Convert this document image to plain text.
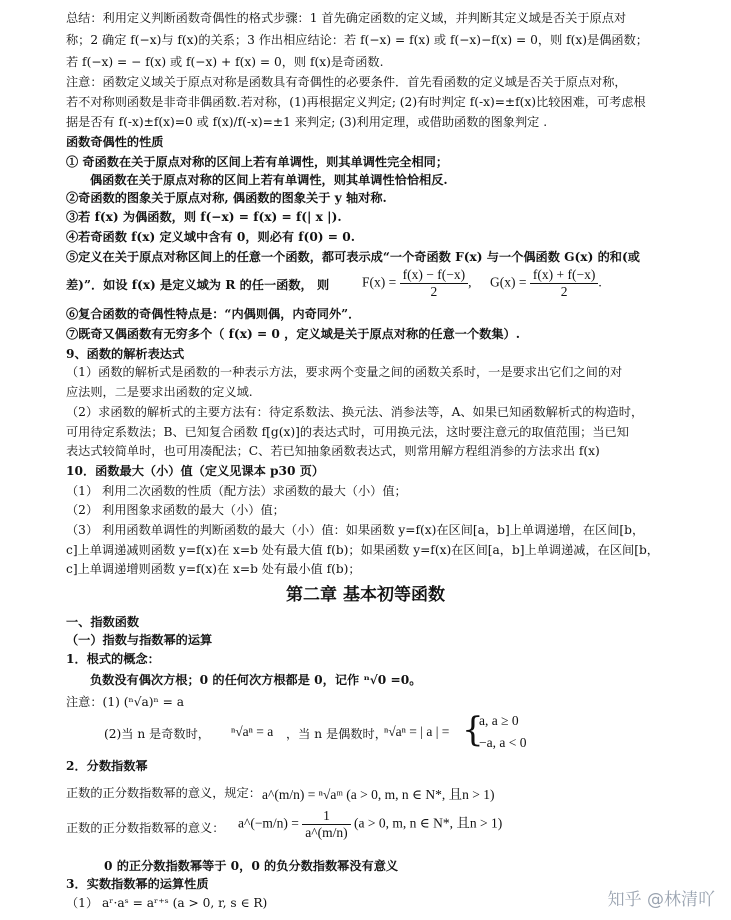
总结：利用定义判断函数奇偶性的格式步骤：1 首先确定函数的定义域，并判断其定义域是否关于原点对
称；2 确定 f(−x)与 f(x)的关系；3 作出相应结论：若 f(−x) = f(x) 或 f(−x)−f(x) = 0，则 f(x)是偶函数；
若 f(−x) = − f(x) 或 f(−x) + f(x) = 0，则 f(x)是奇函数.
注意：函数定义域关于原点对称是函数具有奇偶性的必要条件．首先看函数的定义域是否关于原点对称，
若不对称则函数是非奇非偶函数.若对称，(1)再根据定义判定; (2)有时判定 f(-x)=±f(x)比较困难，可考虑根
据是否有 f(-x)±f(x)=0 或 f(x)/f(-x)=±1 来判定; (3)利用定理，或借助函数的图象判定 .
函数奇偶性的性质
① 奇函数在关于原点对称的区间上若有单调性，则其单调性完全相同；
偶函数在关于原点对称的区间上若有单调性，则其单调性恰恰相反.
②奇函数的图象关于原点对称, 偶函数的图象关于 y 轴对称.
③若 f(x) 为偶函数，则 f(−x) = f(x) = f(| x |).
④若奇函数 f(x) 定义域中含有 0，则必有 f(0) = 0.
⑤定义在关于原点对称区间上的任意一个函数，都可表示成“一个奇函数 F(x) 与一个偶函数 G(x) 的和(或
差)”．如设 f(x) 是定义域为 R 的任一函数， 则 $F(x) = \frac{f(x) - f(-x)}{2}$ , $G(x) = \frac{f(x) + f(-x)}{2}$ .
⑥复合函数的奇偶性特点是：“内偶则偶，内奇同外”．
⑦既奇又偶函数有无穷多个（ f(x) = 0 ，定义域是关于原点对称的任意一个数集）.
9、函数的解析表达式
（1）函数的解析式是函数的一种表示方法，要求两个变量之间的函数关系时，一是要求出它们之间的对
应法则，二是要求出函数的定义域.
（2）求函数的解析式的主要方法有：待定系数法、换元法、消参法等，A、如果已知函数解析式的构造时，
可用待定系数法；B、已知复合函数 f[g(x)]的表达式时，可用换元法，这时要注意元的取值范围；当已知
表达式较简单时，也可用凑配法；C、若已知抽象函数表达式，则常用解方程组消参的方法求出 f(x)
10．函数最大（小）值（定义见课本 p30 页）
（1） 利用二次函数的性质（配方法）求函数的最大（小）值；
（2） 利用图象求函数的最大（小）值；
（3） 利用函数单调性的判断函数的最大（小）值：如果函数 y=f(x)在区间[a，b]上单调递增，在区间[b，
c]上单调递减则函数 y=f(x)在 x=b 处有最大值 f(b)；如果函数 y=f(x)在区间[a，b]上单调递减，在区间[b，
c]上单调递增则函数 y=f(x)在 x=b 处有最小值 f(b)；
第二章 基本初等函数
一、指数函数
（一）指数与指数幂的运算
1．根式的概念：
负数没有偶次方根；0 的任何次方根都是 0，记作 ⁿ√0 =0。
注意：(1) (ⁿ√a)ⁿ = a
(2)当 n 是奇数时， ⁿ√aⁿ = a ，当 n 是偶数时，
ⁿ√aⁿ = | a | = {
a, a ≥ 0
−a, a < 0
2．分数指数幂
正数的正分数指数幂的意义，规定： a^(m/n) = ⁿ√aᵐ (a > 0, m, n ∈ N*, 且n > 1)
正数的正分数指数幂的意义： a^(−m/n) = $\frac{1}{a\^{}(m/n)} (a > 0$, m, n ∈ N*, 且n > 1)
0 的正分数指数幂等于 0，0 的负分数指数幂没有意义
3．实数指数幂的运算性质
（1） aʳ·aˢ = aʳ⁺ˢ (a > 0, r, s ∈ R)	知乎 @林清吖
